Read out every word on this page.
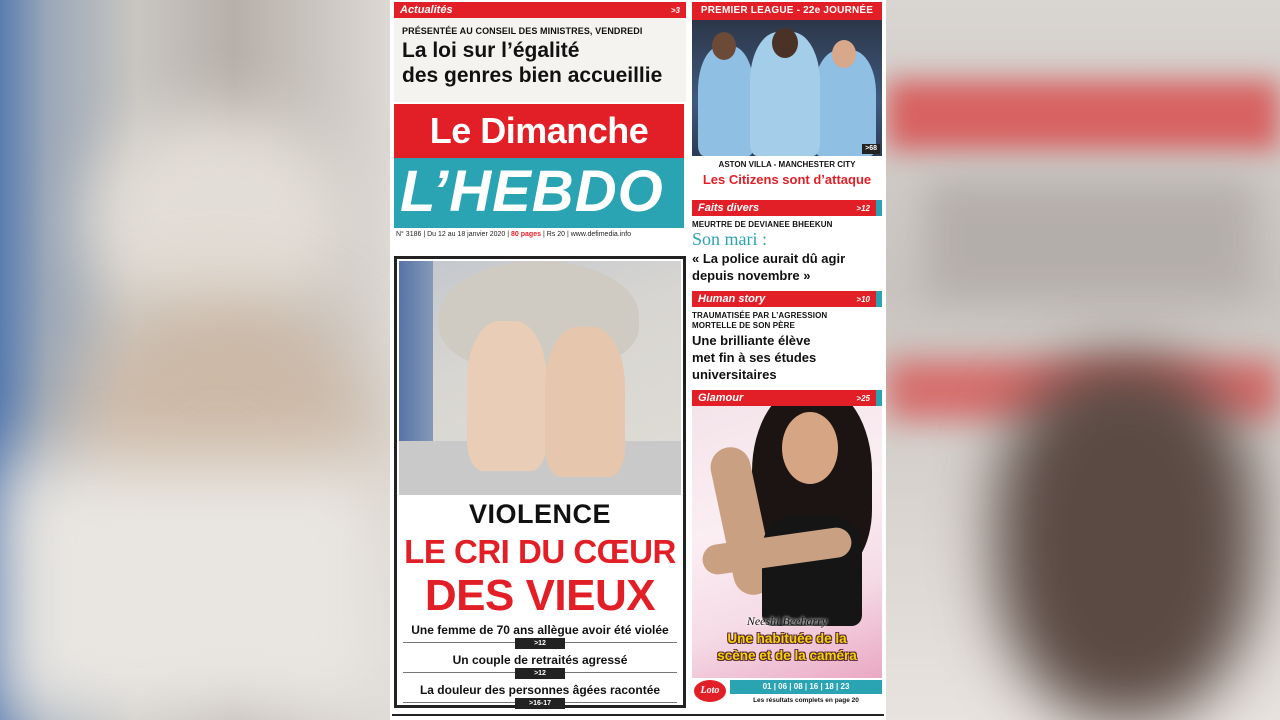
Actualités	>3
PRÉSENTÉE AU CONSEIL DES MINISTRES, VENDREDI
La loi sur l’égalité
des genres bien accueillie
Le Dimanche
L’HEBDO
N° 3186 | Du 12 au 18 janvier 2020 | 80 pages | Rs 20 | www.defimedia.info
VIOLENCE
LE CRI DU CŒUR
DES VIEUX
Une femme de 70 ans allègue avoir été violée
>12
Un couple de retraités agressé
>12
La douleur des personnes âgées racontée
>16-17
PREMIER LEAGUE - 22e JOURNÉE
>68
ASTON VILLA - MANCHESTER CITY
Les Citizens sont d’attaque
Faits divers	>12
MEURTRE DE DEVIANEE BHEEKUN
Son mari :
« La police aurait dû agir
depuis novembre »
Human story	>10
TRAUMATISÉE PAR L’AGRESSION
MORTELLE DE SON PÈRE
Une brilliante élève
met fin à ses études
universitaires
Glamour	>25
Neeshi Beeharry
Une habituée de la
scène et de la caméra
Loto	01 | 06 | 08 | 16 | 18 | 23
Les résultats complets en page 20
